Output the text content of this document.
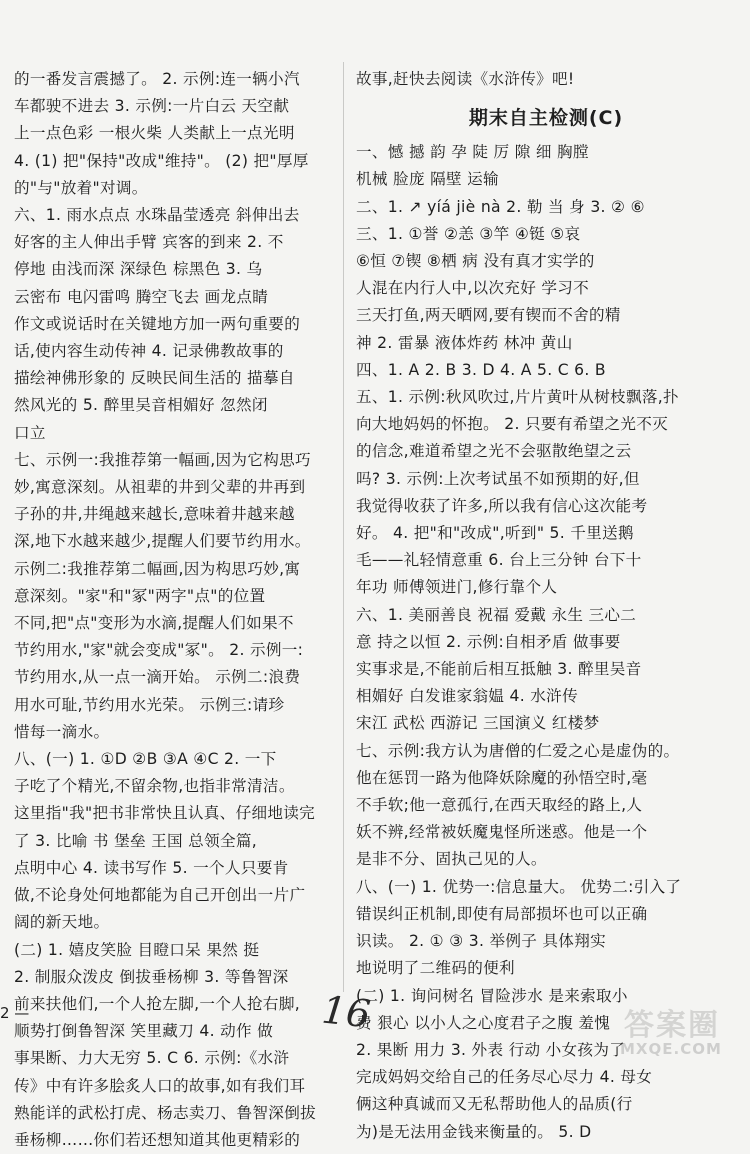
的一番发言震撼了。 2. 示例:连一辆小汽
车都驶不进去 3. 示例:一片白云 天空献
上一点色彩 一根火柴 人类献上一点光明
4. (1) 把"保持"改成"维持"。 (2) 把"厚厚
的"与"放着"对调。
六、1. 雨水点点 水珠晶莹透亮 斜伸出去
好客的主人伸出手臂 宾客的到来 2. 不
停地 由浅而深 深绿色 棕黑色 3. 乌
云密布 电闪雷鸣 腾空飞去 画龙点睛
作文或说话时在关键地方加一两句重要的
话,使内容生动传神 4. 记录佛教故事的
描绘神佛形象的 反映民间生活的 描摹自
然风光的 5. 醉里吴音相媚好 忽然闭
口立
七、示例一:我推荐第一幅画,因为它构思巧
妙,寓意深刻。从祖辈的井到父辈的井再到
子孙的井,井绳越来越长,意味着井越来越
深,地下水越来越少,提醒人们要节约用水。
示例二:我推荐第二幅画,因为构思巧妙,寓
意深刻。"家"和"冢"两字"点"的位置
不同,把"点"变形为水滴,提醒人们如果不
节约用水,"家"就会变成"冢"。 2. 示例一:
节约用水,从一点一滴开始。 示例二:浪费
用水可耻,节约用水光荣。 示例三:请珍
惜每一滴水。
八、(一) 1. ①D ②B ③A ④C 2. 一下
子吃了个精光,不留余物,也指非常清洁。
这里指"我"把书非常快且认真、仔细地读完
了 3. 比喻 书 堡垒 王国 总领全篇,
点明中心 4. 读书写作 5. 一个人只要肯
做,不论身处何地都能为自己开创出一片广
阔的新天地。
(二) 1. 嬉皮笑脸 目瞪口呆 果然 挺
2. 制服众泼皮 倒拔垂杨柳 3. 等鲁智深
前来扶他们,一个人抢左脚,一个人抢右脚,
顺势打倒鲁智深 笑里藏刀 4. 动作 做
事果断、力大无穷 5. C 6. 示例:《水浒
传》中有许多脍炙人口的故事,如有我们耳
熟能详的武松打虎、杨志卖刀、鲁智深倒拔
垂杨柳……你们若还想知道其他更精彩的
故事,赶快去阅读《水浒传》吧!
期末自主检测(C)
一、憾 撼 韵 孕 陡 厉 隙 细 胸膛
机械 脸庞 隔壁 运输
二、1. ↗ yíá jiè nà 2. 勒 当 身 3. ② ⑥
三、1. ①誉 ②恙 ③竿 ④铤 ⑤哀
⑥恒 ⑦锲 ⑧栖 病 没有真才实学的
人混在内行人中,以次充好 学习不
三天打鱼,两天晒网,要有锲而不舍的精
神 2. 雷暴 液体炸药 林冲 黄山
四、1. A 2. B 3. D 4. A 5. C 6. B
五、1. 示例:秋风吹过,片片黄叶从树枝飘落,扑
向大地妈妈的怀抱。 2. 只要有希望之光不灭
的信念,难道希望之光不会驱散绝望之云
吗? 3. 示例:上次考试虽不如预期的好,但
我觉得收获了许多,所以我有信心这次能考
好。 4. 把"和"改成",听到" 5. 千里送鹅
毛——礼轻情意重 6. 台上三分钟 台下十
年功 师傅领进门,修行靠个人
六、1. 美丽善良 祝福 爱戴 永生 三心二
意 持之以恒 2. 示例:自相矛盾 做事要
实事求是,不能前后相互抵触 3. 醉里吴音
相媚好 白发谁家翁媪 4. 水浒传
宋江 武松 西游记 三国演义 红楼梦
七、示例:我方认为唐僧的仁爱之心是虚伪的。
他在惩罚一路为他降妖除魔的孙悟空时,毫
不手软;他一意孤行,在西天取经的路上,人
妖不辨,经常被妖魔鬼怪所迷惑。他是一个
是非不分、固执己见的人。
八、(一) 1. 优势一:信息量大。 优势二:引入了
错误纠正机制,即使有局部损坏也可以正确
识读。 2. ① ③ 3. 举例子 具体翔实
地说明了二维码的便利
(二) 1. 询问树名 冒险涉水 是来索取小
费 狠心 以小人之心度君子之腹 羞愧
2. 果断 用力 3. 外表 行动 小女孩为了
完成妈妈交给自己的任务尽心尽力 4. 母女
俩这种真诚而又无私帮助他人的品质(行
为)是无法用金钱来衡量的。 5. D
2 —	16	答案圈
MXQE.COM
